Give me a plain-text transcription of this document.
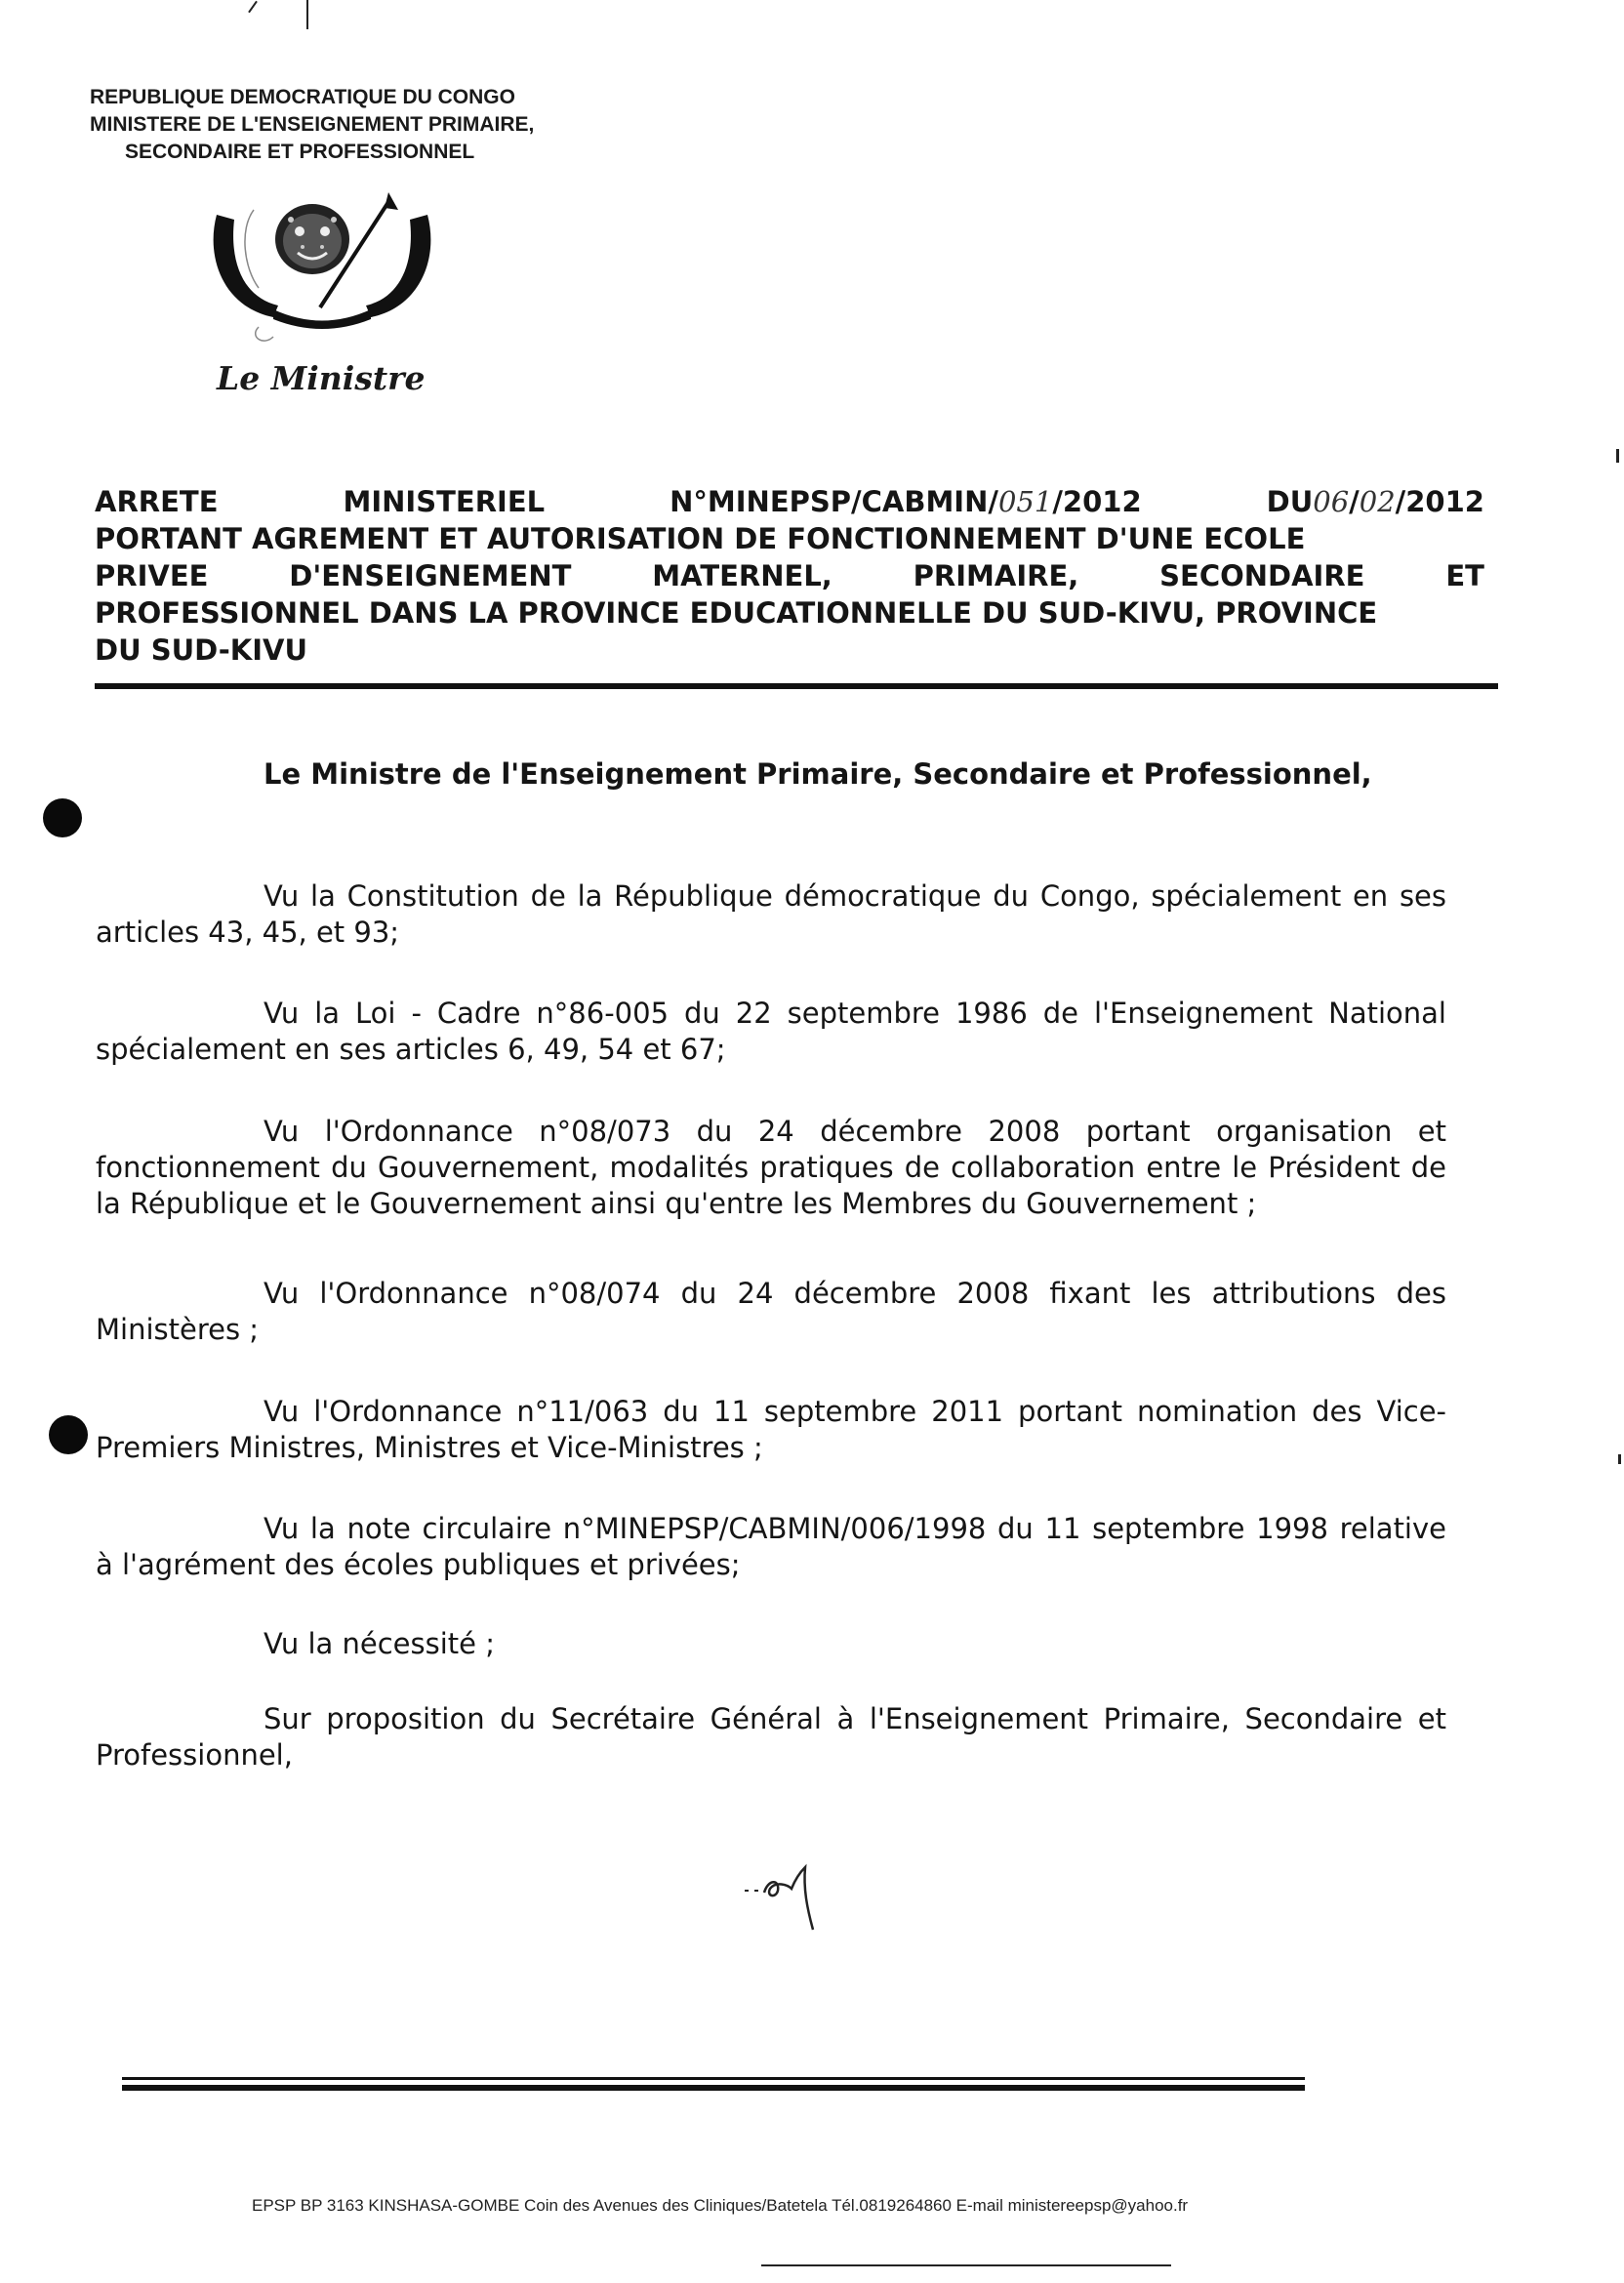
REPUBLIQUE DEMOCRATIQUE DU CONGO
MINISTERE DE L'ENSEIGNEMENT PRIMAIRE,
SECONDAIRE ET PROFESSIONNEL
Le Ministre
ARRETE	MINISTERIEL	N°MINEPSP/CABMIN/051/2012	DU06/02/2012
PORTANT AGREMENT ET AUTORISATION DE FONCTIONNEMENT D'UNE ECOLE
PRIVEE	D'ENSEIGNEMENT	MATERNEL,	PRIMAIRE,	SECONDAIRE	ET
PROFESSIONNEL DANS LA PROVINCE EDUCATIONNELLE DU SUD-KIVU, PROVINCE
DU SUD-KIVU
Le Ministre de l'Enseignement Primaire, Secondaire et Professionnel,
Vu la Constitution de la République démocratique du Congo, spécialement en ses articles 43, 45, et 93;
Vu la Loi - Cadre n°86-005 du 22 septembre 1986 de l'Enseignement National spécialement en ses articles 6, 49, 54 et 67;
Vu l'Ordonnance n°08/073 du 24 décembre 2008 portant organisation et fonctionnement du Gouvernement, modalités pratiques de collaboration entre le Président de la République et le Gouvernement ainsi qu'entre les Membres du Gouvernement ;
Vu l'Ordonnance n°08/074 du 24 décembre 2008 fixant les attributions des Ministères ;
Vu l'Ordonnance n°11/063 du 11 septembre 2011 portant nomination des Vice-Premiers Ministres, Ministres et Vice-Ministres ;
Vu la note circulaire n°MINEPSP/CABMIN/006/1998 du 11 septembre 1998 relative à l'agrément des écoles publiques et privées;
Vu la nécessité ;
Sur proposition du Secrétaire Général à l'Enseignement Primaire, Secondaire et Professionnel,
EPSP BP 3163 KINSHASA-GOMBE Coin des Avenues des Cliniques/Batetela Tél.0819264860 E-mail ministereepsp@yahoo.fr
